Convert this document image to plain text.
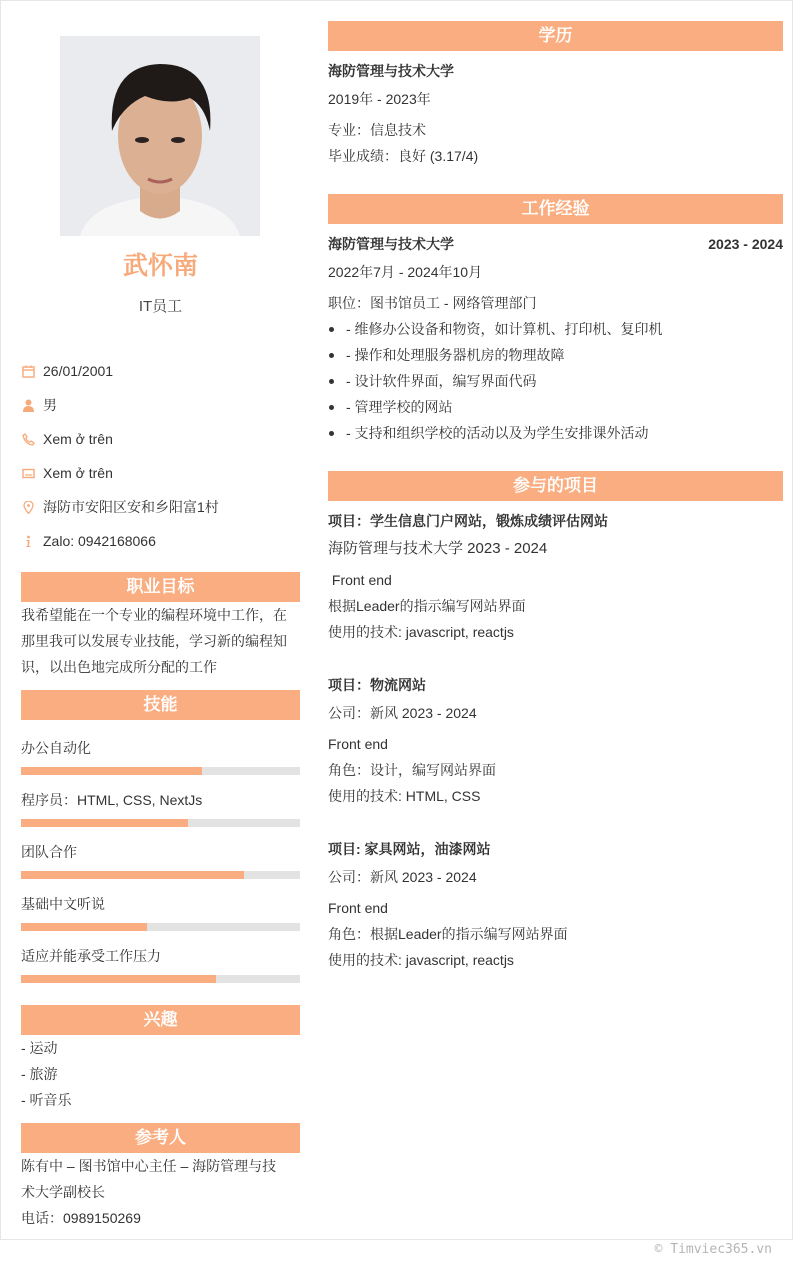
武怀南
IT员工
26/01/2001
男
Xem ở trên
Xem ở trên
海防市安阳区安和乡阳富1村
Zalo: 0942168066
职业目标
我希望能在一个专业的编程环境中工作，在
那里我可以发展专业技能，学习新的编程知
识，以出色地完成所分配的工作
技能
办公自动化
程序员：HTML, CSS, NextJs
团队合作
基础中文听说
适应并能承受工作压力
兴趣
- 运动
- 旅游
- 听音乐
参考人
陈有中 – 图书馆中心主任 – 海防管理与技
术大学副校长
电话：0989150269
学历
海防管理与技术大学
2019年 - 2023年
专业：信息技术
毕业成绩：良好 (3.17/4)
工作经验
海防管理与技术大学	2023 - 2024
2022年7月 - 2024年10月
职位：图书馆员工 - 网络管理部门
- 维修办公设备和物资，如计算机、打印机、复印机
- 操作和处理服务器机房的物理故障
- 设计软件界面，编写界面代码
- 管理学校的网站
- 支持和组织学校的活动以及为学生安排课外活动
参与的项目
项目：学生信息门户网站，锻炼成绩评估网站
海防管理与技术大学 2023 - 2024
Front end
根据Leader的指示编写网站界面
使用的技术: javascript, reactjs
项目：物流网站
公司：新风 2023 - 2024
Front end
角色：设计，编写网站界面
使用的技术: HTML, CSS
项目: 家具网站，油漆网站
公司：新风 2023 - 2024
Front end
角色：根据Leader的指示编写网站界面
使用的技术: javascript, reactjs
© Timviec365.vn
